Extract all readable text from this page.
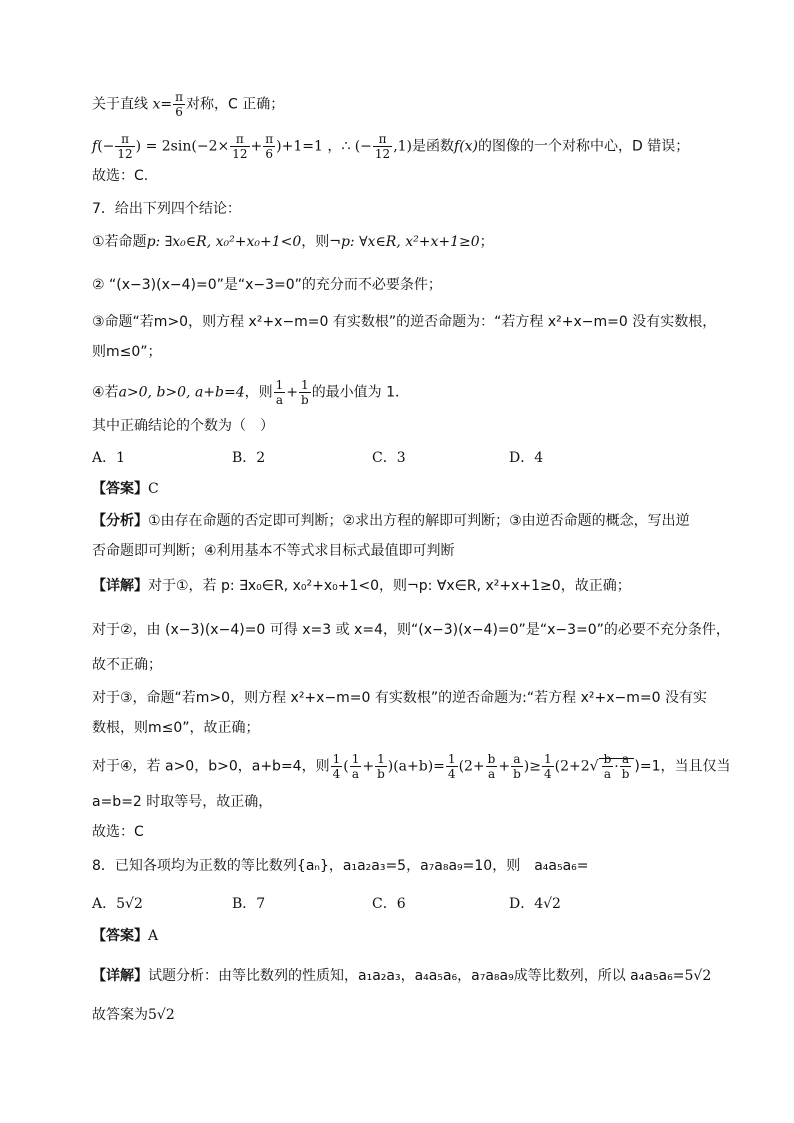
关于直线 $x= \frac{\pi}{6}$ 对称，C 正确；
$f(- \frac{\pi}{12}$ ) = $2\sin(-2\times \frac{\pi}{12} + \frac{\pi}{6} )+1=1$ ，∴ (− $\frac{\pi}{12} ,1$)是函数f(x)的图像的一个对称中心，D 错误；
故选：C.
7．给出下列四个结论：
①若命题p: ∃x₀∈R, x₀²+x₀+1<0，则¬p: ∀x∈R, x²+x+1≥0；
② “(x−3)(x−4)=0”是“x−3=0”的充分而不必要条件；
③命题“若m>0，则方程 x²+x−m=0 有实数根”的逆否命题为：“若方程 x²+x−m=0 没有实数根，
则m≤0”；
④若a>0, b>0, a+b=4，则 $\frac{1}{a} + \frac{1}{b}$ 的最小值为 1．
其中正确结论的个数为（　）
A．1	B．2	C．3	D．4
【答案】C
【分析】①由存在命题的否定即可判断；②求出方程的解即可判断；③由逆否命题的概念，写出逆
否命题即可判断；④利用基本不等式求目标式最值即可判断
【详解】对于①，若 p: ∃x₀∈R, x₀²+x₀+1<0，则¬p: ∀x∈R, x²+x+1≥0，故正确；
对于②，由 (x−3)(x−4)=0 可得 x=3 或 x=4，则“(x−3)(x−4)=0”是“x−3=0”的必要不充分条件，
故不正确；
对于③，命题“若m>0，则方程 x²+x−m=0 有实数根”的逆否命题为:“若方程 x²+x−m=0 没有实
数根，则m≤0”，故正确；
对于④，若 a>0，b>0，a+b=4，则 $\frac{1}{4}$ ( $\frac{1}{a} + \frac{1}{b} )(a+b)= \frac{1}{4} (2+ \frac{b}{a} + \frac{a}{b}$ )≥ $\frac{1}{4} (2+2√ \frac{b}{a} \cdot \frac{a}{b} )=1$，当且仅当
a=b=2 时取等号，故正确，
故选：C
8．已知各项均为正数的等比数列{aₙ}，a₁a₂a₃=5，a₇a₈a₉=10，则　a₄a₅a₆=
A．5√2	B．7	C．6	D．4√2
【答案】A
【详解】试题分析：由等比数列的性质知，a₁a₂a₃，a₄a₅a₆，a₇a₈a₉成等比数列，所以 a₄a₅a₆=5√2
故答案为5√2
